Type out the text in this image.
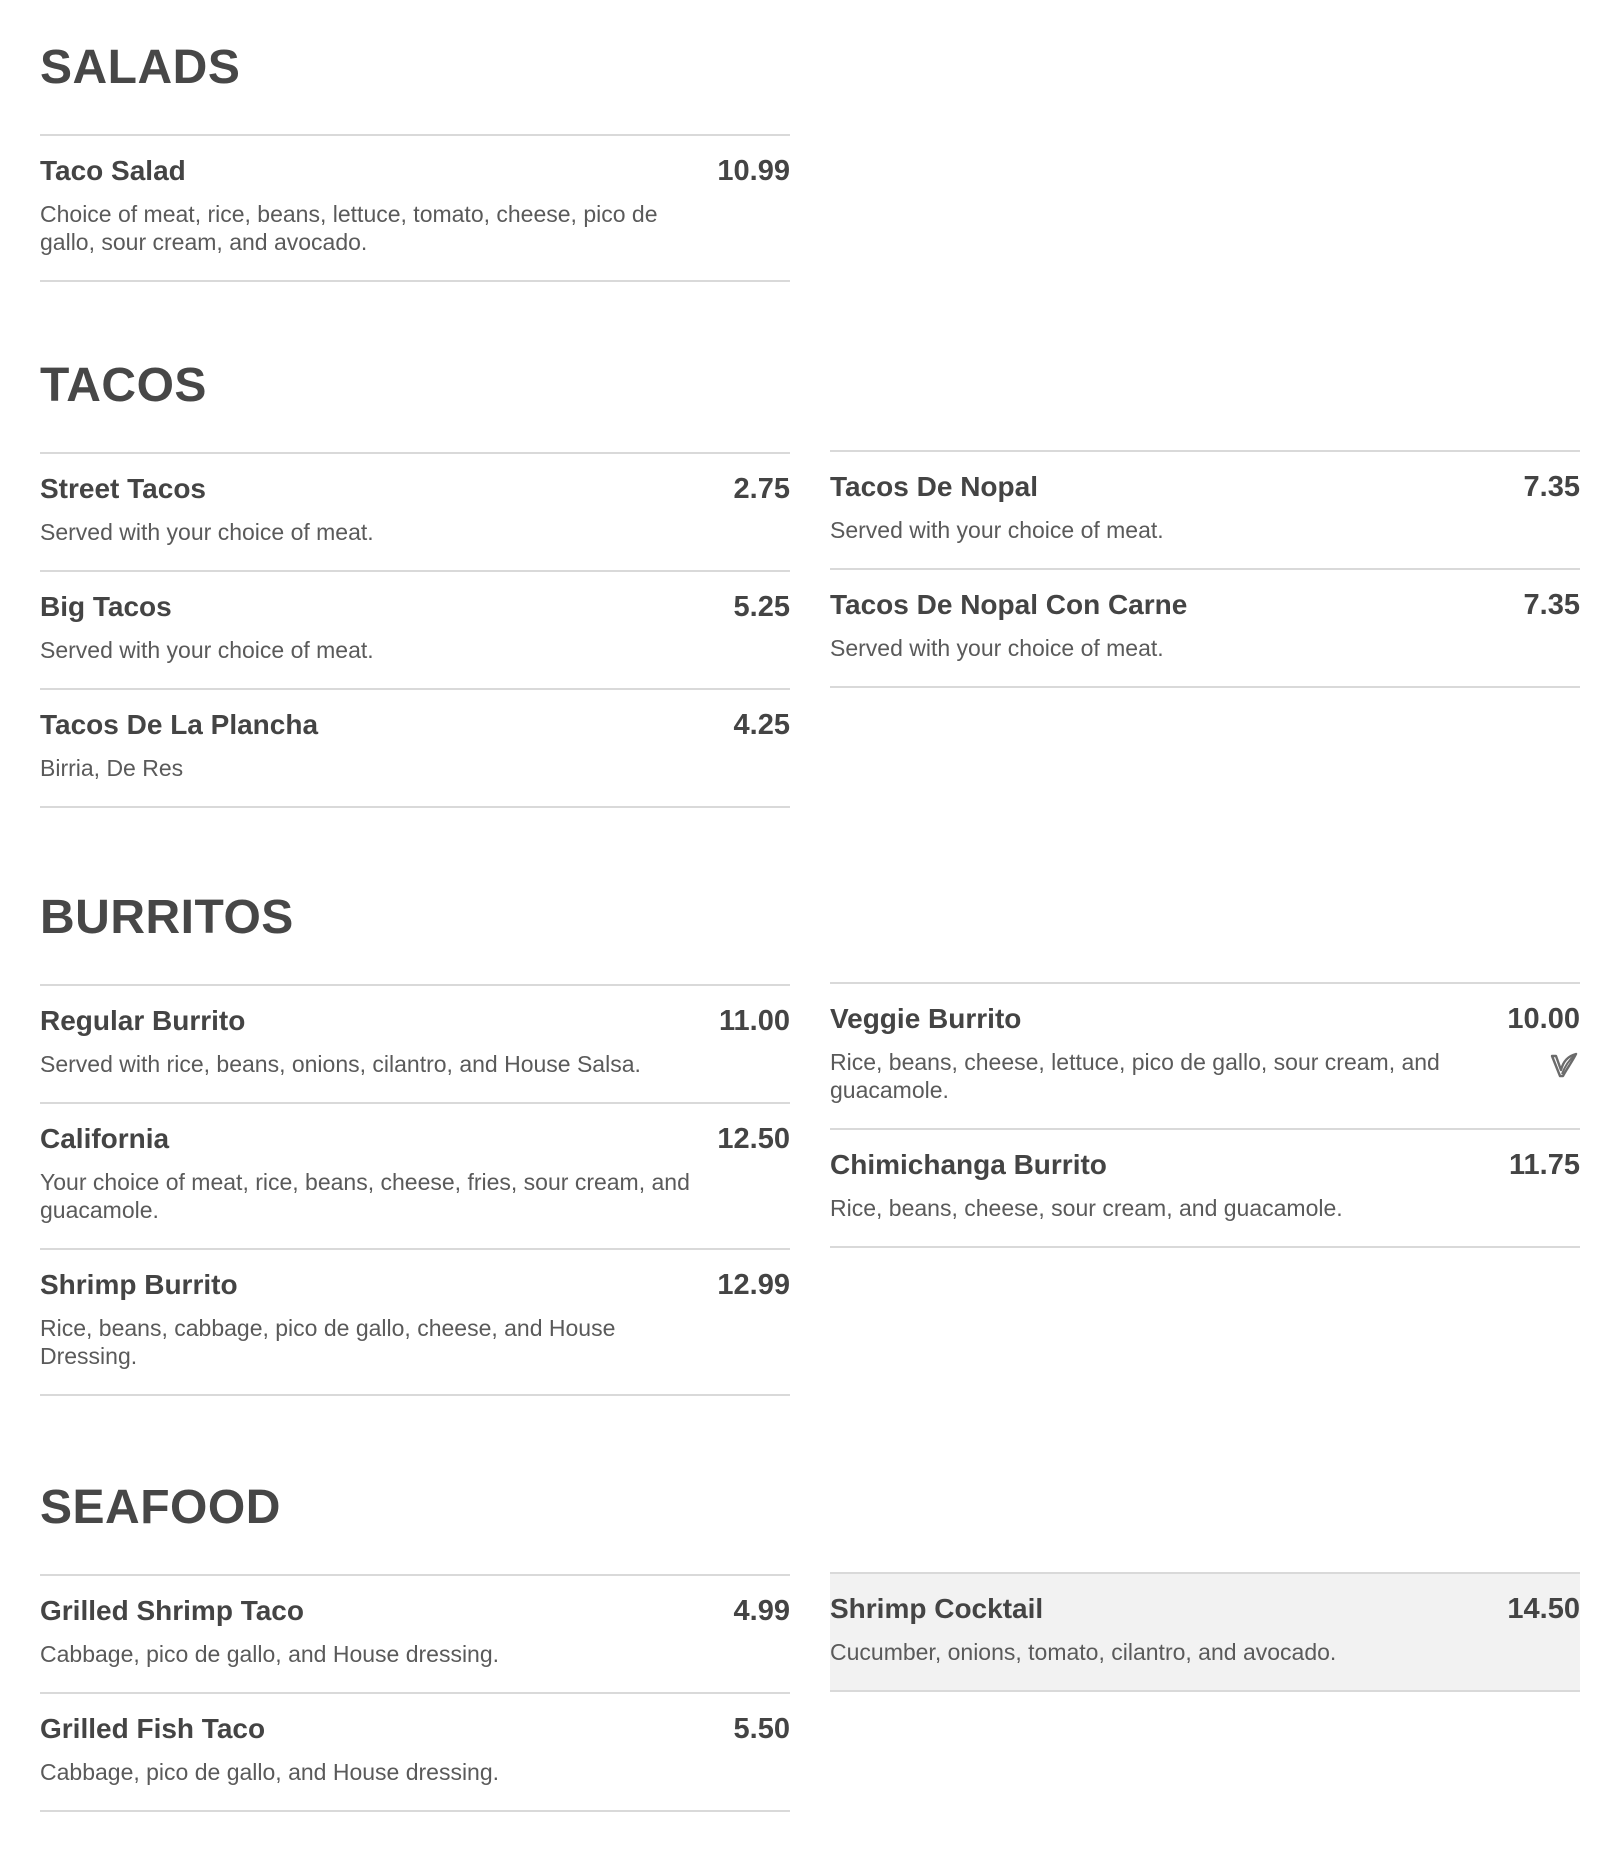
SALADS
Taco Salad	10.99
Choice of meat, rice, beans, lettuce, tomato, cheese, pico de gallo, sour cream, and avocado.
TACOS
Street Tacos	2.75
Served with your choice of meat.
Big Tacos	5.25
Served with your choice of meat.
Tacos De La Plancha	4.25
Birria, De Res
Tacos De Nopal	7.35
Served with your choice of meat.
Tacos De Nopal Con Carne	7.35
Served with your choice of meat.
BURRITOS
Regular Burrito	11.00
Served with rice, beans, onions, cilantro, and House Salsa.
California	12.50
Your choice of meat, rice, beans, cheese, fries, sour cream, and guacamole.
Shrimp Burrito	12.99
Rice, beans, cabbage, pico de gallo, cheese, and House Dressing.
Veggie Burrito	10.00
Rice, beans, cheese, lettuce, pico de gallo, sour cream, and guacamole.
Chimichanga Burrito	11.75
Rice, beans, cheese, sour cream, and guacamole.
SEAFOOD
Grilled Shrimp Taco	4.99
Cabbage, pico de gallo, and House dressing.
Grilled Fish Taco	5.50
Cabbage, pico de gallo, and House dressing.
Shrimp Cocktail	14.50
Cucumber, onions, tomato, cilantro, and avocado.
